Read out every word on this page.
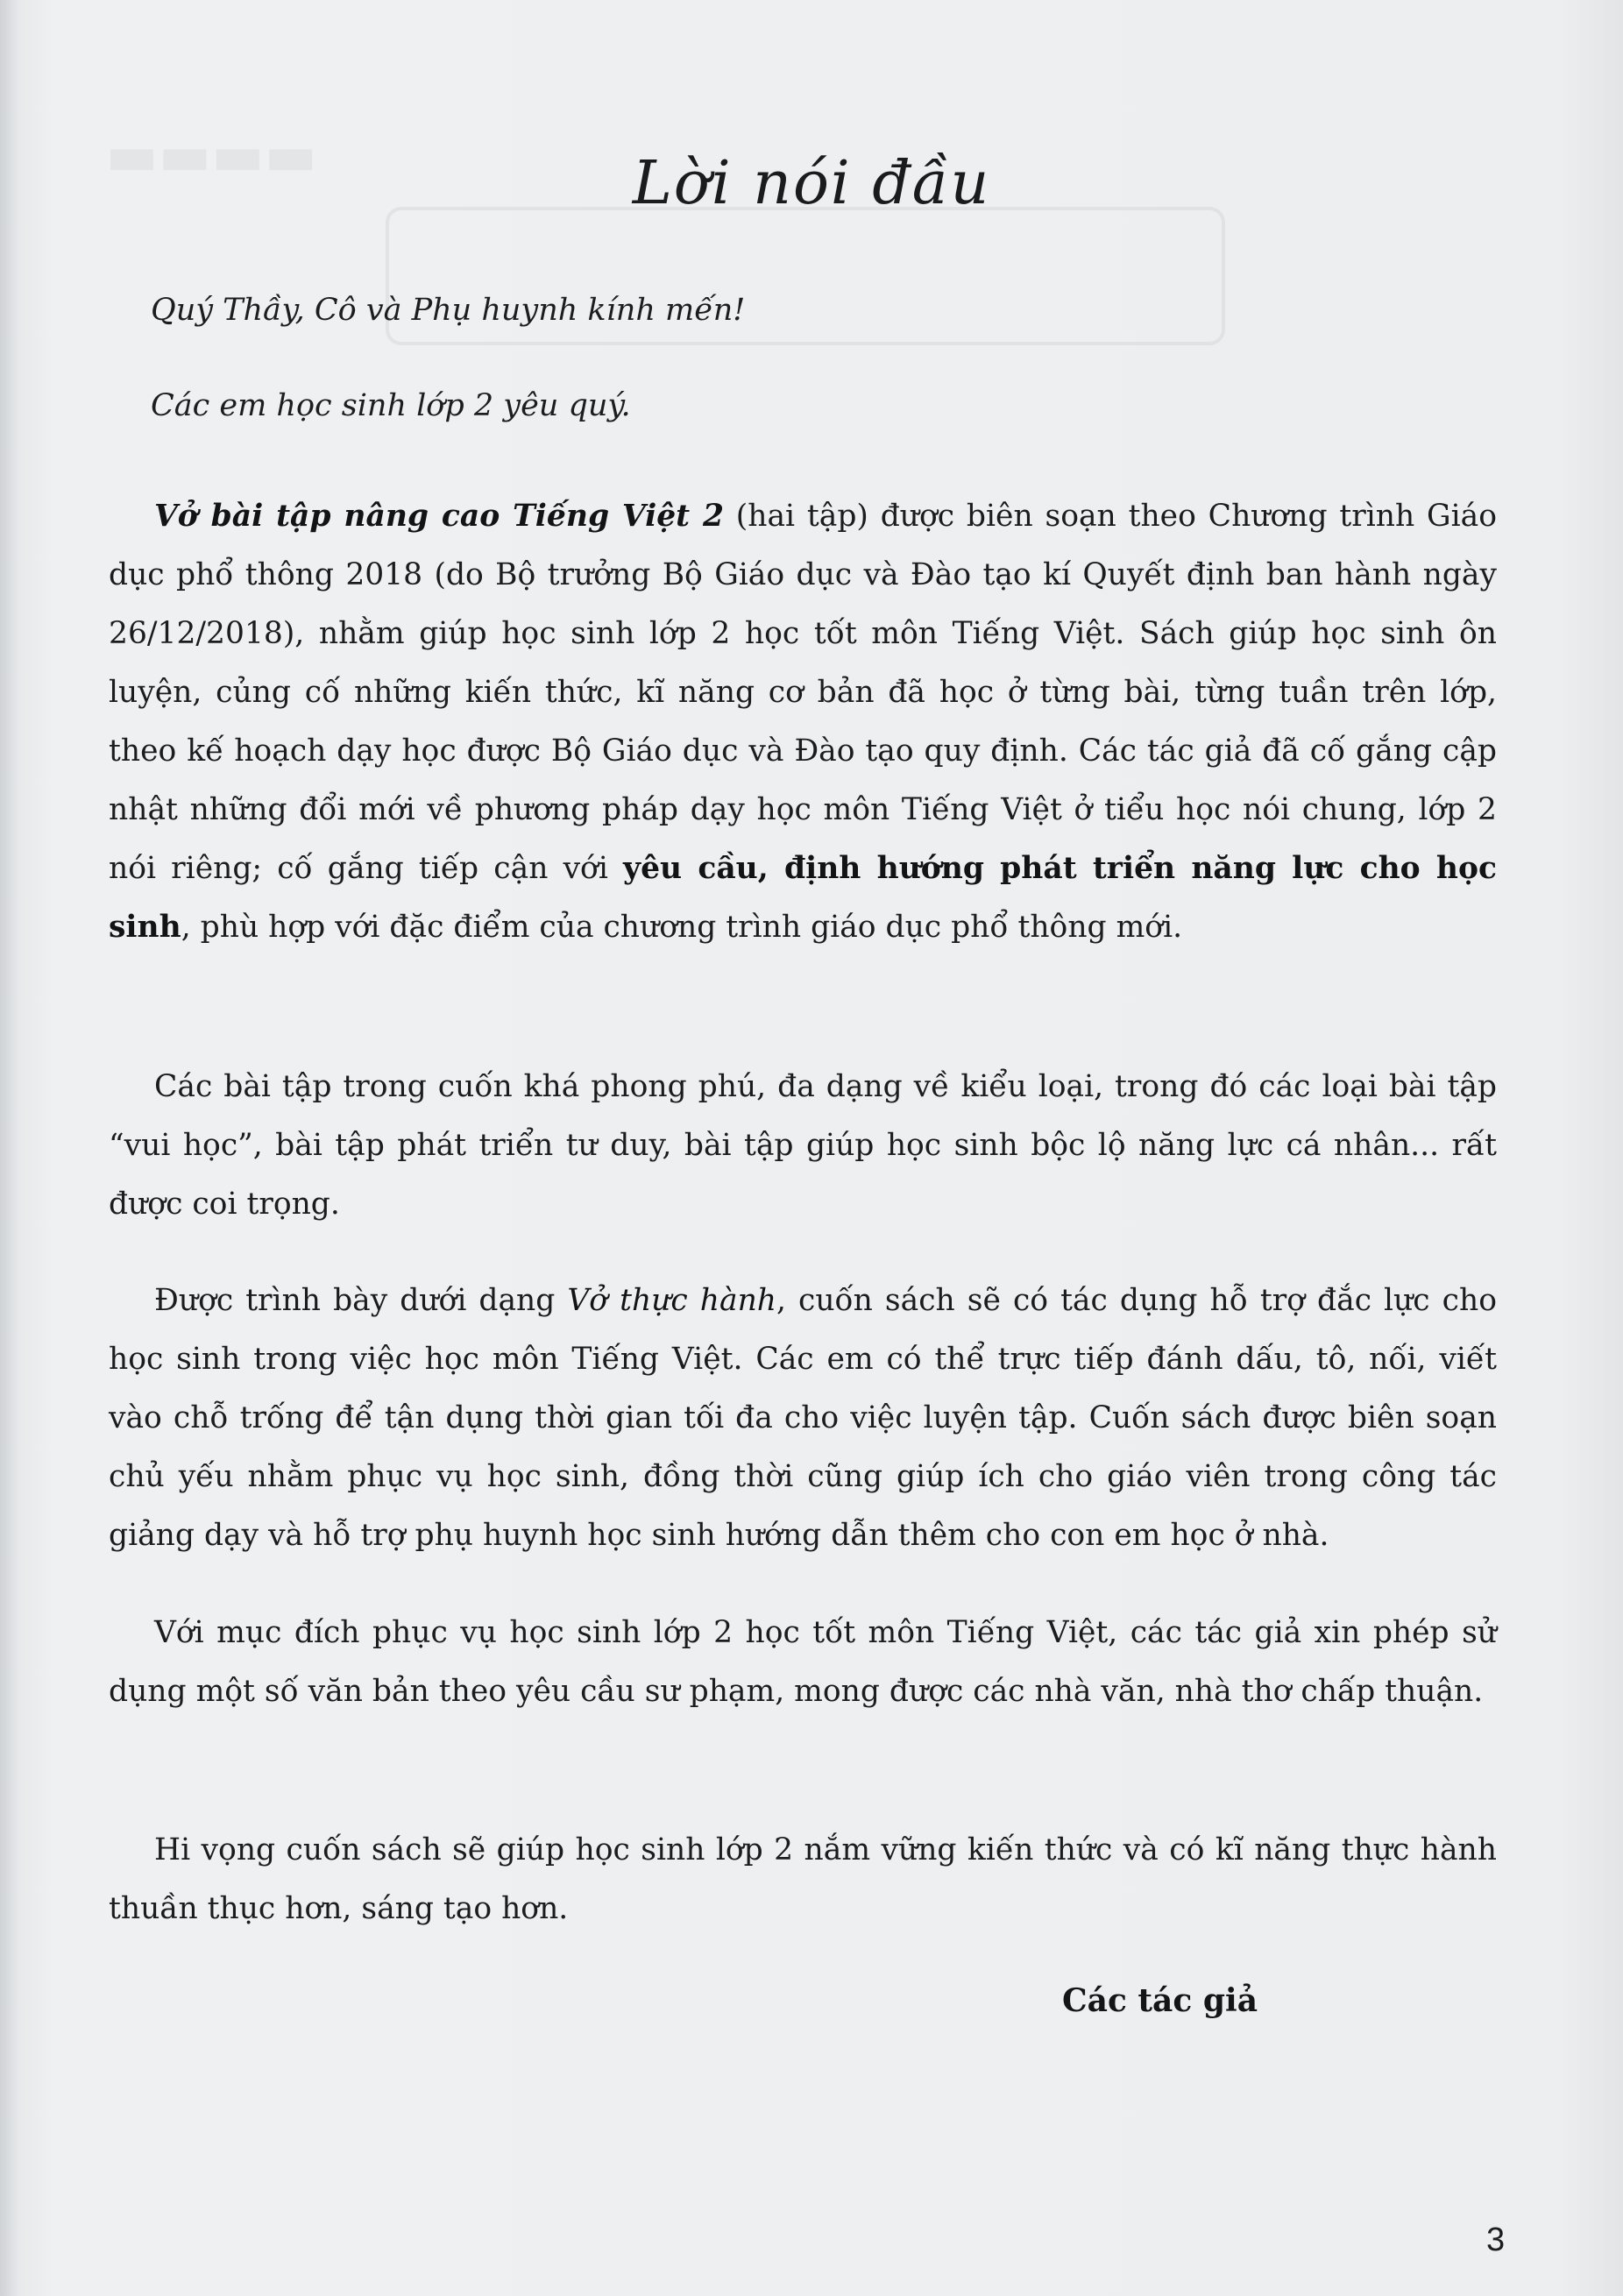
▬▬▬▬	Lời nói đầu
Quý Thầy, Cô và Phụ huynh kính mến!
Các em học sinh lớp 2 yêu quý.
Vở bài tập nâng cao Tiếng Việt 2 (hai tập) được biên soạn theo Chương trình Giáo dục phổ thông 2018 (do Bộ trưởng Bộ Giáo dục và Đào tạo kí Quyết định ban hành ngày 26/12/2018), nhằm giúp học sinh lớp 2 học tốt môn Tiếng Việt. Sách giúp học sinh ôn luyện, củng cố những kiến thức, kĩ năng cơ bản đã học ở từng bài, từng tuần trên lớp, theo kế hoạch dạy học được Bộ Giáo dục và Đào tạo quy định. Các tác giả đã cố gắng cập nhật những đổi mới về phương pháp dạy học môn Tiếng Việt ở tiểu học nói chung, lớp 2 nói riêng; cố gắng tiếp cận với yêu cầu, định hướng phát triển năng lực cho học sinh, phù hợp với đặc điểm của chương trình giáo dục phổ thông mới.
Các bài tập trong cuốn khá phong phú, đa dạng về kiểu loại, trong đó các loại bài tập “vui học”, bài tập phát triển tư duy, bài tập giúp học sinh bộc lộ năng lực cá nhân... rất được coi trọng.
Được trình bày dưới dạng Vở thực hành, cuốn sách sẽ có tác dụng hỗ trợ đắc lực cho học sinh trong việc học môn Tiếng Việt. Các em có thể trực tiếp đánh dấu, tô, nối, viết vào chỗ trống để tận dụng thời gian tối đa cho việc luyện tập. Cuốn sách được biên soạn chủ yếu nhằm phục vụ học sinh, đồng thời cũng giúp ích cho giáo viên trong công tác giảng dạy và hỗ trợ phụ huynh học sinh hướng dẫn thêm cho con em học ở nhà.
Với mục đích phục vụ học sinh lớp 2 học tốt môn Tiếng Việt, các tác giả xin phép sử dụng một số văn bản theo yêu cầu sư phạm, mong được các nhà văn, nhà thơ chấp thuận.
Hi vọng cuốn sách sẽ giúp học sinh lớp 2 nắm vững kiến thức và có kĩ năng thực hành thuần thục hơn, sáng tạo hơn.
Các tác giả
3
